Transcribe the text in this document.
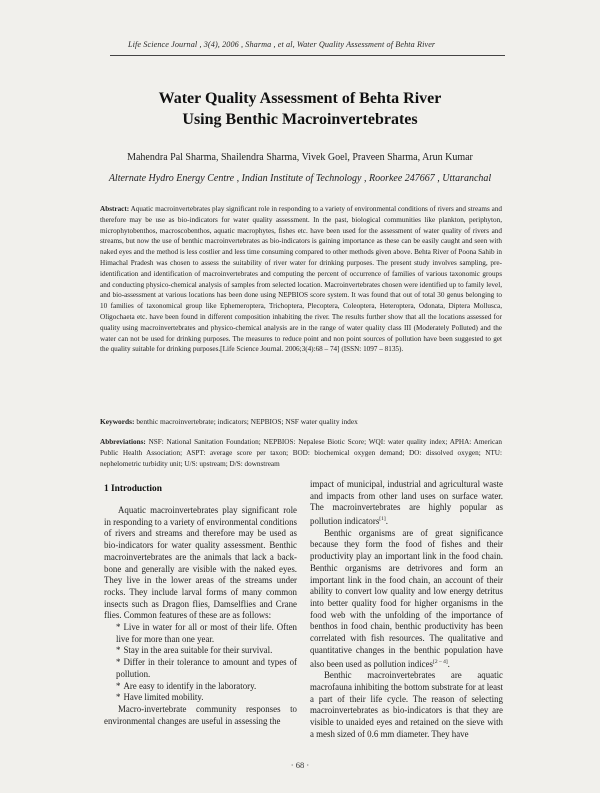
Life Science Journal , 3(4), 2006 , Sharma , et al, Water Quality Assessment of Behta River
Water Quality Assessment of Behta River
Using Benthic Macroinvertebrates
Mahendra Pal Sharma, Shailendra Sharma, Vivek Goel, Praveen Sharma, Arun Kumar
Alternate Hydro Energy Centre , Indian Institute of Technology , Roorkee 247667 , Uttaranchal

Abstract: Aquatic macroinvertebrates play significant role in responding to a variety of environmental conditions of rivers and streams and therefore may be use as bio-indicators for water quality assessment. In the past, biological communities like plankton, periphyton, microphytobenthos, macroscobenthos, aquatic macrophytes, fishes etc. have been used for the assessment of water quality of rivers and streams, but now the use of benthic macroinvertebrates as bio-indicators is gaining importance as these can be easily caught and seen with naked eyes and the method is less costlier and less time consuming compared to other methods given above. Behta River of Poona Sahib in Himachal Pradesh was chosen to assess the suitability of river water for drinking purposes. The present study involves sampling, pre-identification and identification of macroinvertebrates and computing the percent of occurrence of families of various taxonomic groups and conducting physico-chemical analysis of samples from selected location. Macroinvertebrates chosen were identified up to family level, and bio-assessment at various locations has been done using NEPBIOS score system. It was found that out of total 30 genus belonging to 10 families of taxonomical group like Ephemeroptera, Trichoptera, Plecoptera, Coleoptera, Heteroptera, Odonata, Diptera Mollusca, Oligochaeta etc. have been found in different composition inhabiting the river. The results further show that all the locations assessed for quality using macroinvertebrates and physico-chemical analysis are in the range of water quality class III (Moderately Polluted) and the water can not be used for drinking purposes. The measures to reduce point and non point sources of pollution have been suggested to get the quality suitable for drinking purposes.[Life Science Journal. 2006;3(4):68 – 74] (ISSN: 1097 – 8135).

Keywords: benthic macroinvertebrate; indicators; NEPBIOS; NSF water quality index

Abbreviations: NSF: National Sanitation Foundation; NEPBIOS: Nepalese Biotic Score; WQI: water quality index; APHA: American Public Health Association; ASPT: average score per taxon; BOD: biochemical oxygen demand; DO: dissolved oxygen; NTU: nephelometric turbidity unit; U/S: upstream; D/S: downstream

1 Introduction

Aquatic macroinvertebrates play significant role in responding to a variety of environmental conditions of rivers and streams and therefore may be used as bio-indicators for water quality assessment. Benthic macroinvertebrates are the animals that lack a back-bone and generally are visible with the naked eyes. They live in the lower areas of the streams under rocks. They include larval forms of many common insects such as Dragon flies, Damselflies and Crane flies. Common features of these are as follows:

* Live in water for all or most of their life. Often live for more than one year.

* Stay in the area suitable for their survival.

* Differ in their tolerance to amount and types of pollution.

* Are easy to identify in the laboratory.

* Have limited mobility.

Macro-invertebrate community responses to environmental changes are useful in assessing the

impact of municipal, industrial and agricultural waste and impacts from other land uses on surface water. The macroinvertebrates are highly popular as pollution indicators[1].

Benthic organisms are of great significance because they form the food of fishes and their productivity play an important link in the food chain. Benthic organisms are detrivores and form an important link in the food chain, an account of their ability to convert low quality and low energy detritus into better quality food for higher organisms in the food web with the unfolding of the importance of benthos in food chain, benthic productivity has been correlated with fish resources. The qualitative and quantitative changes in the benthic population have also been used as pollution indices[2 – 4].

Benthic macroinvertebrates are aquatic macrofauna inhibiting the bottom substrate for at least a part of their life cycle. The reason of selecting macroinvertebrates as bio-indicators is that they are visible to unaided eyes and retained on the sieve with a mesh sized of 0.6 mm diameter. They have

· 68 ·
